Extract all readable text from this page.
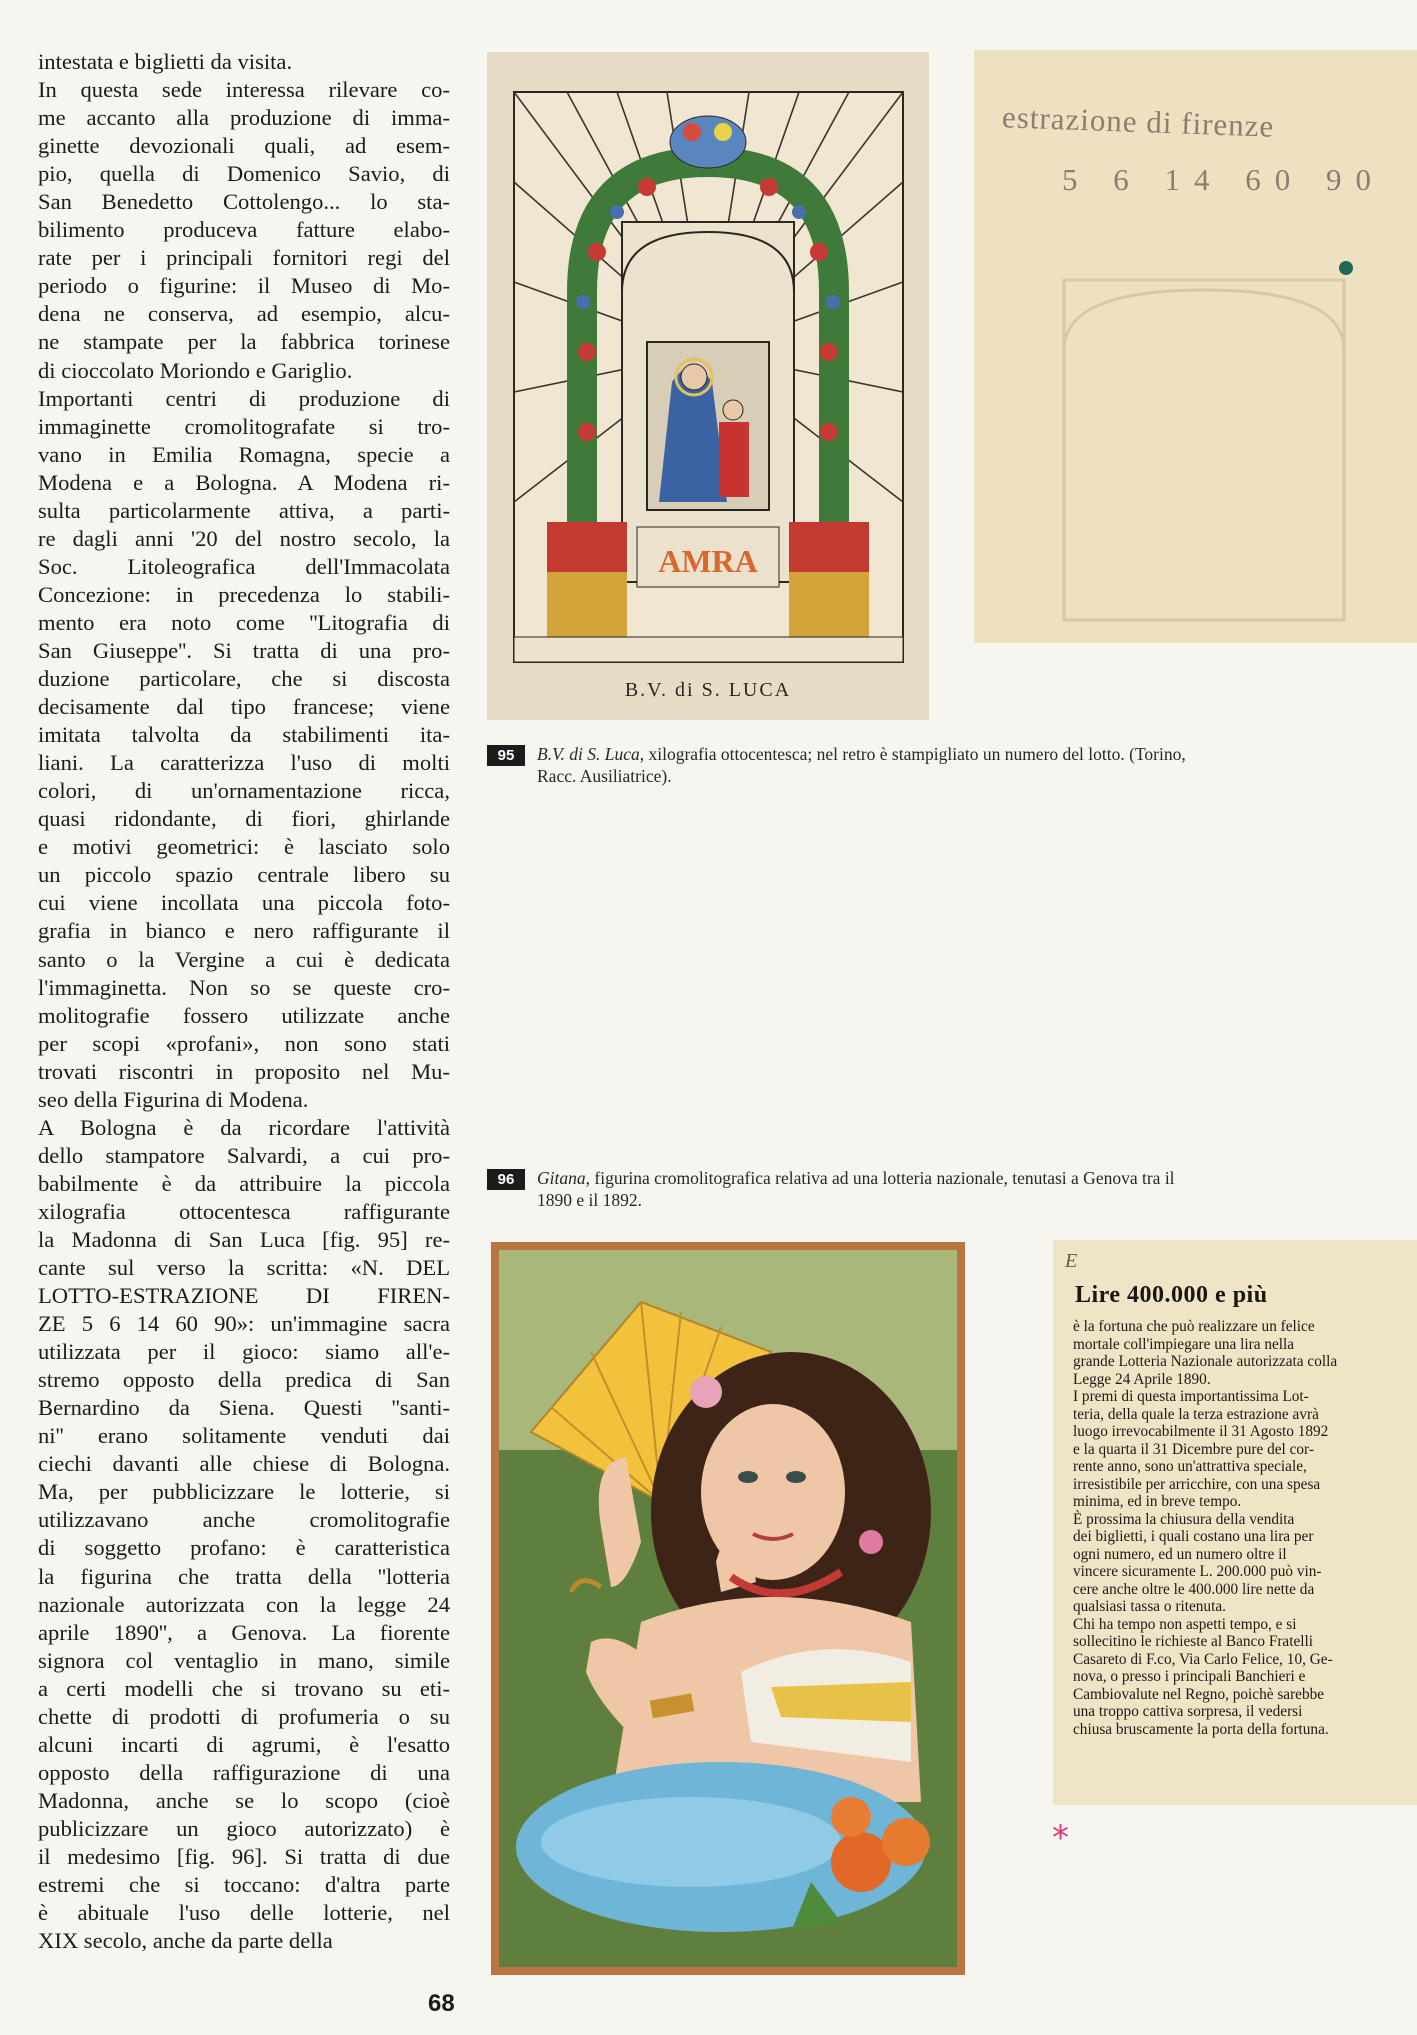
intestata e biglietti da visita.
In questa sede interessa rilevare co-
me accanto alla produzione di imma-
ginette devozionali quali, ad esem-
pio, quella di Domenico Savio, di
San Benedetto Cottolengo... lo sta-
bilimento produceva fatture elabo-
rate per i principali fornitori regi del
periodo o figurine: il Museo di Mo-
dena ne conserva, ad esempio, alcu-
ne stampate per la fabbrica torinese
di cioccolato Moriondo e Gariglio.
Importanti centri di produzione di
immaginette cromolitografate si tro-
vano in Emilia Romagna, specie a
Modena e a Bologna. A Modena ri-
sulta particolarmente attiva, a parti-
re dagli anni '20 del nostro secolo, la
Soc. Litoleografica dell'Immacolata
Concezione: in precedenza lo stabili-
mento era noto come ''Litografia di
San Giuseppe''. Si tratta di una pro-
duzione particolare, che si discosta
decisamente dal tipo francese; viene
imitata talvolta da stabilimenti ita-
liani. La caratterizza l'uso di molti
colori, di un'ornamentazione ricca,
quasi ridondante, di fiori, ghirlande
e motivi geometrici: è lasciato solo
un piccolo spazio centrale libero su
cui viene incollata una piccola foto-
grafia in bianco e nero raffigurante il
santo o la Vergine a cui è dedicata
l'immaginetta. Non so se queste cro-
molitografie fossero utilizzate anche
per scopi «profani», non sono stati
trovati riscontri in proposito nel Mu-
seo della Figurina di Modena.
A Bologna è da ricordare l'attività
dello stampatore Salvardi, a cui pro-
babilmente è da attribuire la piccola
xilografia ottocentesca raffigurante
la Madonna di San Luca [fig. 95] re-
cante sul verso la scritta: «N. DEL
LOTTO-ESTRAZIONE DI FIREN-
ZE 5 6 14 60 90»: un'immagine sacra
utilizzata per il gioco: siamo all'e-
stremo opposto della predica di San
Bernardino da Siena. Questi ''santi-
ni'' erano solitamente venduti dai
ciechi davanti alle chiese di Bologna.
Ma, per pubblicizzare le lotterie, si
utilizzavano anche cromolitografie
di soggetto profano: è caratteristica
la figurina che tratta della ''lotteria
nazionale autorizzata con la legge 24
aprile 1890'', a Genova. La fiorente
signora col ventaglio in mano, simile
a certi modelli che si trovano su eti-
chette di prodotti di profumeria o su
alcuni incarti di agrumi, è l'esatto
opposto della raffigurazione di una
Madonna, anche se lo scopo (cioè
publicizzare un gioco autorizzato) è
il medesimo [fig. 96]. Si tratta di due
estremi che si toccano: d'altra parte
è abituale l'uso delle lotterie, nel
XIX secolo, anche da parte della
68
AMRA
B.V. di S. LUCA
estrazione di firenze
5 6 14 60 90
95	B.V. di S. Luca, xilografia ottocentesca; nel retro è stampigliato un numero del lotto. (Torino,
Racc. Ausiliatrice).
96	Gitana, figurina cromolitografica relativa ad una lotteria nazionale, tenutasi a Genova tra il
1890 e il 1892.
E
Lire 400.000 e più
è la fortuna che può realizzare un felice
mortale coll'impiegare una lira nella
grande Lotteria Nazionale autorizzata colla
Legge 24 Aprile 1890.
I premi di questa importantissima Lot-
teria, della quale la terza estrazione avrà
luogo irrevocabilmente il 31 Agosto 1892
e la quarta il 31 Dicembre pure del cor-
rente anno, sono un'attrattiva speciale,
irresistibile per arricchire, con una spesa
minima, ed in breve tempo.
È prossima la chiusura della vendita
dei biglietti, i quali costano una lira per
ogni numero, ed un numero oltre il
vincere sicuramente L. 200.000 può vin-
cere anche oltre le 400.000 lire nette da
qualsiasi tassa o ritenuta.
Chi ha tempo non aspetti tempo, e si
sollecitino le richieste al Banco Fratelli
Casareto di F.co, Via Carlo Felice, 10, Ge-
nova, o presso i principali Banchieri e
Cambiovalute nel Regno, poichè sarebbe
una troppo cattiva sorpresa, il vedersi
chiusa bruscamente la porta della fortuna.
*
